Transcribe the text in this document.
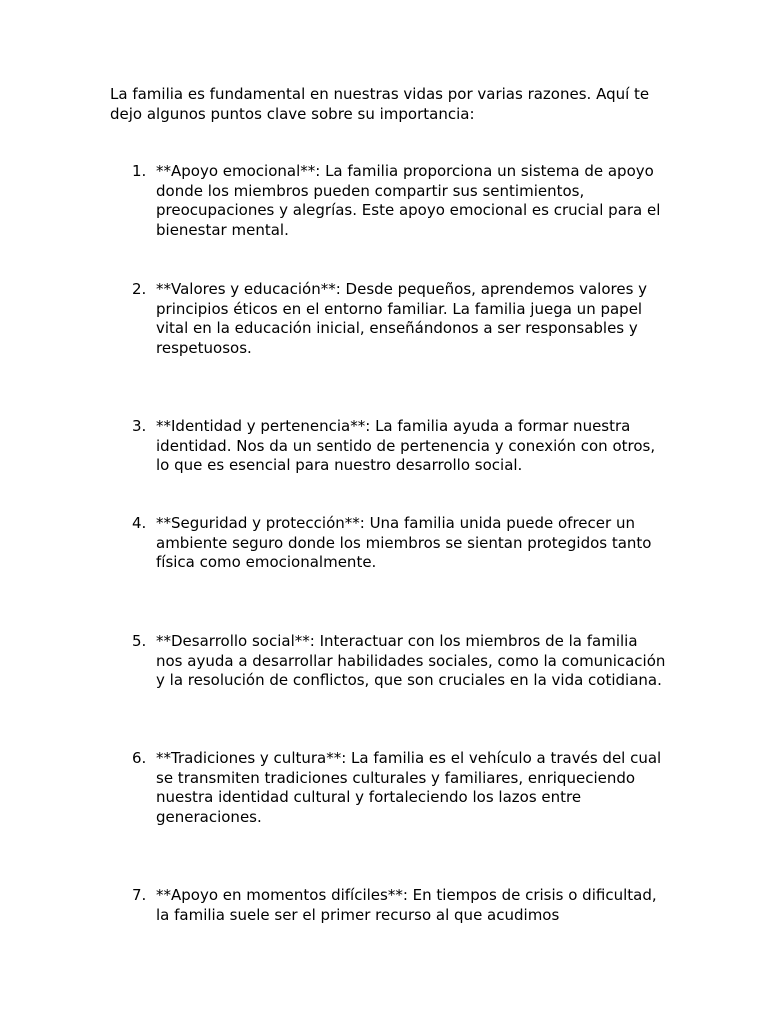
La familia es fundamental en nuestras vidas por varias razones. Aquí te dejo algunos puntos clave sobre su importancia:

1. **Apoyo emocional**: La familia proporciona un sistema de apoyo donde los miembros pueden compartir sus sentimientos, preocupaciones y alegrías. Este apoyo emocional es crucial para el bienestar mental.
2. **Valores y educación**: Desde pequeños, aprendemos valores y principios éticos en el entorno familiar. La familia juega un papel vital en la educación inicial, enseñándonos a ser responsables y respetuosos.
3. **Identidad y pertenencia**: La familia ayuda a formar nuestra identidad. Nos da un sentido de pertenencia y conexión con otros, lo que es esencial para nuestro desarrollo social.
4. **Seguridad y protección**: Una familia unida puede ofrecer un ambiente seguro donde los miembros se sientan protegidos tanto física como emocionalmente.
5. **Desarrollo social**: Interactuar con los miembros de la familia nos ayuda a desarrollar habilidades sociales, como la comunicación y la resolución de conflictos, que son cruciales en la vida cotidiana.
6. **Tradiciones y cultura**: La familia es el vehículo a través del cual se transmiten tradiciones culturales y familiares, enriqueciendo nuestra identidad cultural y fortaleciendo los lazos entre generaciones.
7. **Apoyo en momentos difíciles**: En tiempos de crisis o dificultad, la familia suele ser el primer recurso al que acudimos
